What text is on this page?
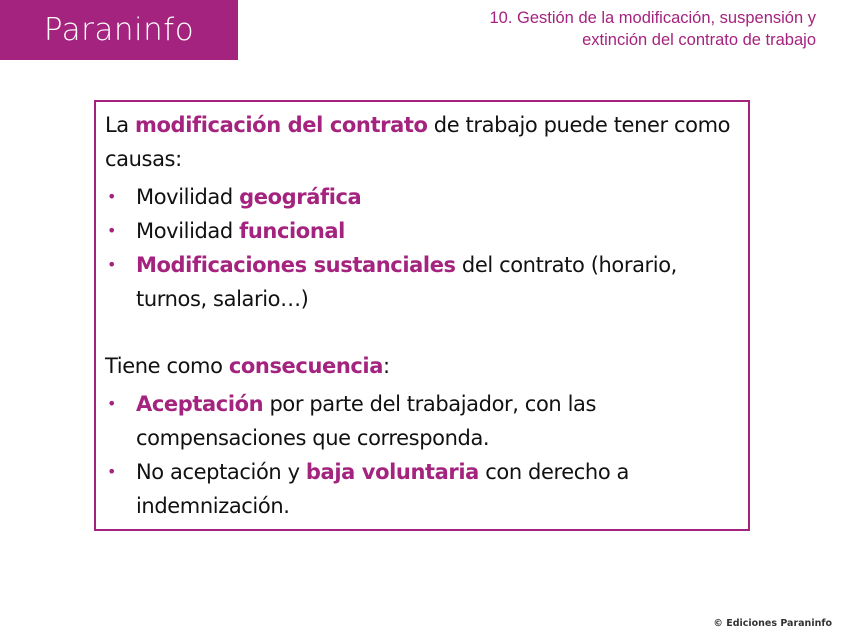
Paraninfo	10. Gestión de la modificación, suspensión y
extinción del contrato de trabajo

La modificación del contrato de trabajo puede tener como causas:

• Movilidad geográfica
• Movilidad funcional
• Modificaciones sustanciales del contrato (horario, turnos, salario…)

Tiene como consecuencia:

• Aceptación por parte del trabajador, con las compensaciones que corresponda.
• No aceptación y baja voluntaria con derecho a indemnización.
© Ediciones Paraninfo
